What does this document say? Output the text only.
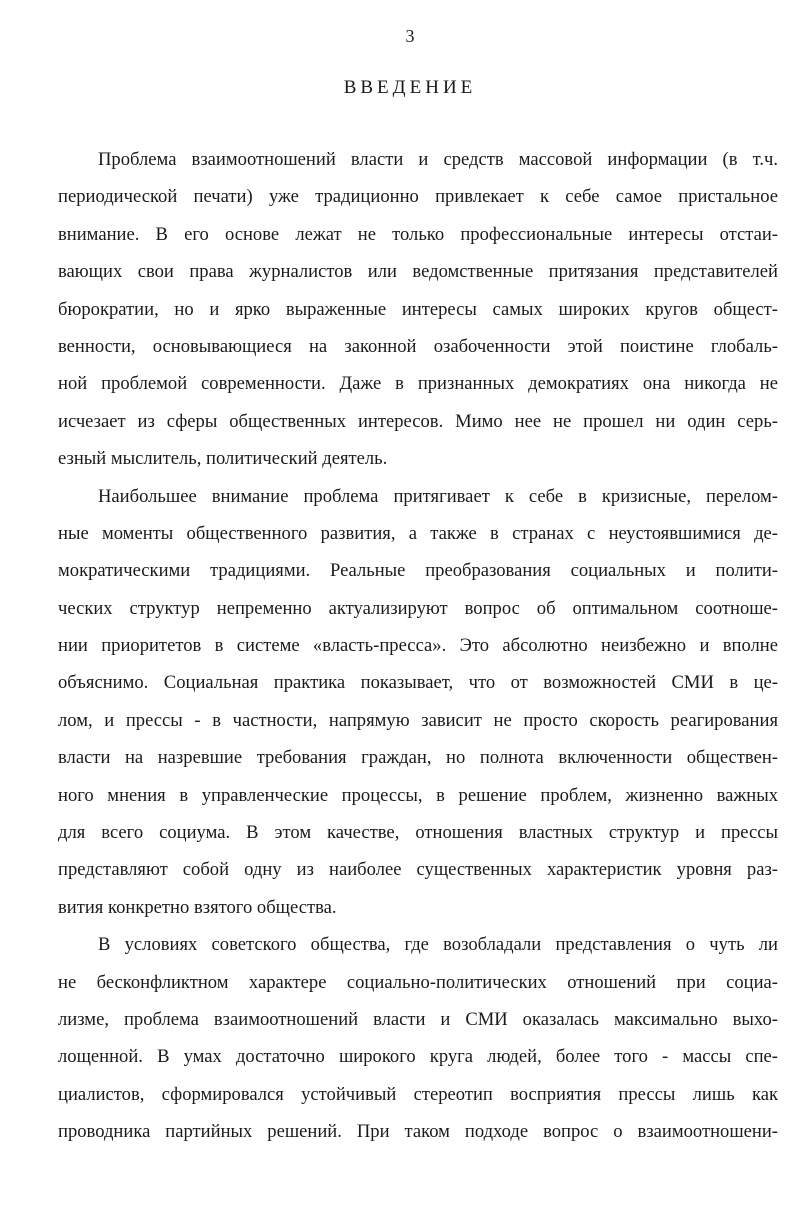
3
ВВЕДЕНИЕ
Проблема взаимоотношений власти и средств массовой информации (в т.ч.
периодической печати) уже традиционно привлекает к себе самое пристальное
внимание. В его основе лежат не только профессиональные интересы отстаи-
вающих свои права журналистов или ведомственные притязания представителей
бюрократии, но и ярко выраженные интересы самых широких кругов общест-
венности, основывающиеся на законной озабоченности этой поистине глобаль-
ной проблемой современности. Даже в признанных демократиях она никогда не
исчезает из сферы общественных интересов. Мимо нее не прошел ни один серь-
езный мыслитель, политический деятель.
Наибольшее внимание проблема притягивает к себе в кризисные, перелом-
ные моменты общественного развития, а также в странах с неустоявшимися де-
мократическими традициями. Реальные преобразования социальных и полити-
ческих структур непременно актуализируют вопрос об оптимальном соотноше-
нии приоритетов в системе «власть-пресса». Это абсолютно неизбежно и вполне
объяснимо. Социальная практика показывает, что от возможностей СМИ в це-
лом, и прессы - в частности, напрямую зависит не просто скорость реагирования
власти на назревшие требования граждан, но полнота включенности обществен-
ного мнения в управленческие процессы, в решение проблем, жизненно важных
для всего социума. В этом качестве, отношения властных структур и прессы
представляют собой одну из наиболее существенных характеристик уровня раз-
вития конкретно взятого общества.
В условиях советского общества, где возобладали представления о чуть ли
не бесконфликтном характере социально-политических отношений при социа-
лизме, проблема взаимоотношений власти и СМИ оказалась максимально выхо-
лощенной. В умах достаточно широкого круга людей, более того - массы спе-
циалистов, сформировался устойчивый стереотип восприятия прессы лишь как
проводника партийных решений. При таком подходе вопрос о взаимоотношени-
